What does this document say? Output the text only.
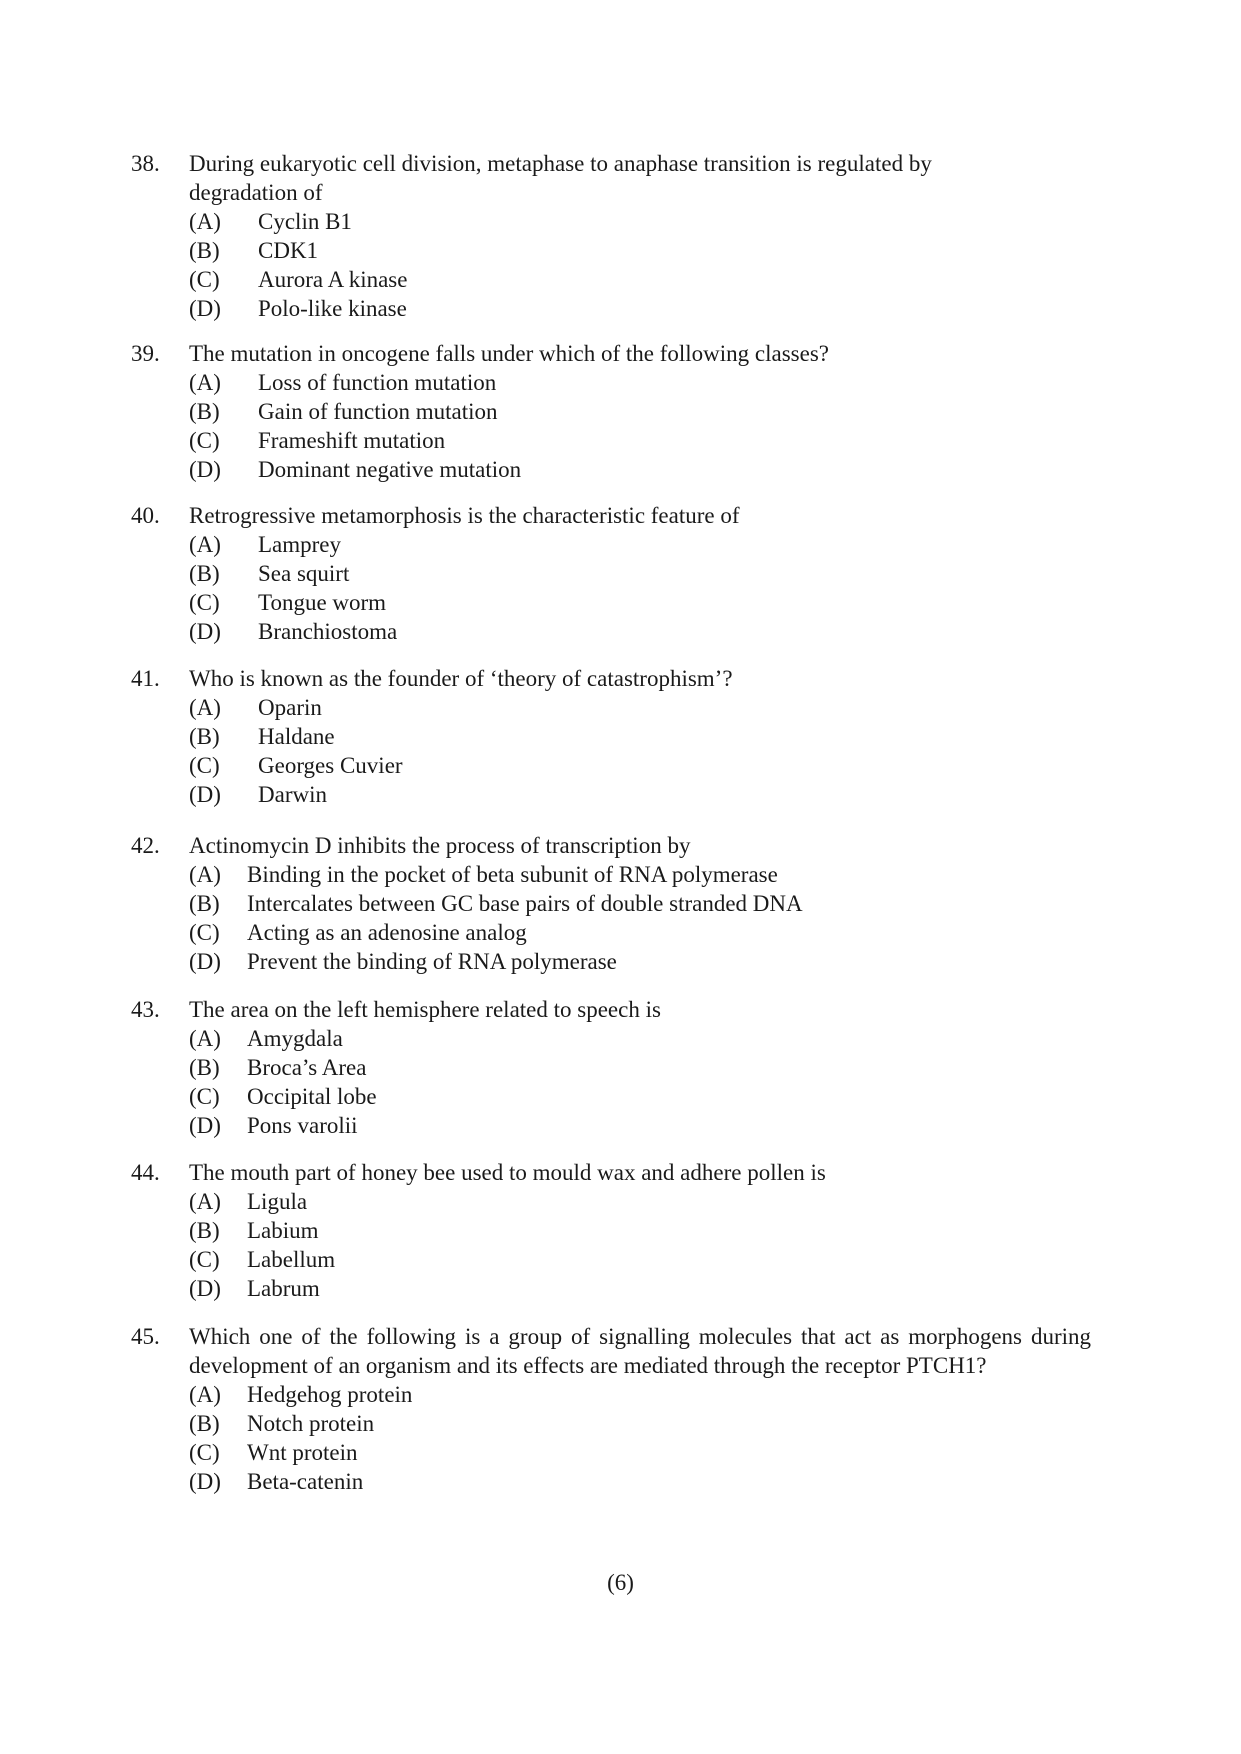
38.	During eukaryotic cell division, metaphase to anaphase transition is regulated by degradation of
(A)	Cyclin B1
(B)	CDK1
(C)	Aurora A kinase
(D)	Polo-like kinase
39.	The mutation in oncogene falls under which of the following classes?
(A)	Loss of function mutation
(B)	Gain of function mutation
(C)	Frameshift mutation
(D)	Dominant negative mutation
40.	Retrogressive metamorphosis is the characteristic feature of
(A)	Lamprey
(B)	Sea squirt
(C)	Tongue worm
(D)	Branchiostoma
41.	Who is known as the founder of ‘theory of catastrophism’?
(A)	Oparin
(B)	Haldane
(C)	Georges Cuvier
(D)	Darwin
42.	Actinomycin D inhibits the process of transcription by
(A)	Binding in the pocket of beta subunit of RNA polymerase
(B)	Intercalates between GC base pairs of double stranded DNA
(C)	Acting as an adenosine analog
(D)	Prevent the binding of RNA polymerase
43.	The area on the left hemisphere related to speech is
(A)	Amygdala
(B)	Broca’s Area
(C)	Occipital lobe
(D)	Pons varolii
44.	The mouth part of honey bee used to mould wax and adhere pollen is
(A)	Ligula
(B)	Labium
(C)	Labellum
(D)	Labrum
45.	Which one of the following is a group of signalling molecules that act as morphogens during development of an organism and its effects are mediated through the receptor PTCH1?
(A)	Hedgehog protein
(B)	Notch protein
(C)	Wnt protein
(D)	Beta-catenin
(6)
